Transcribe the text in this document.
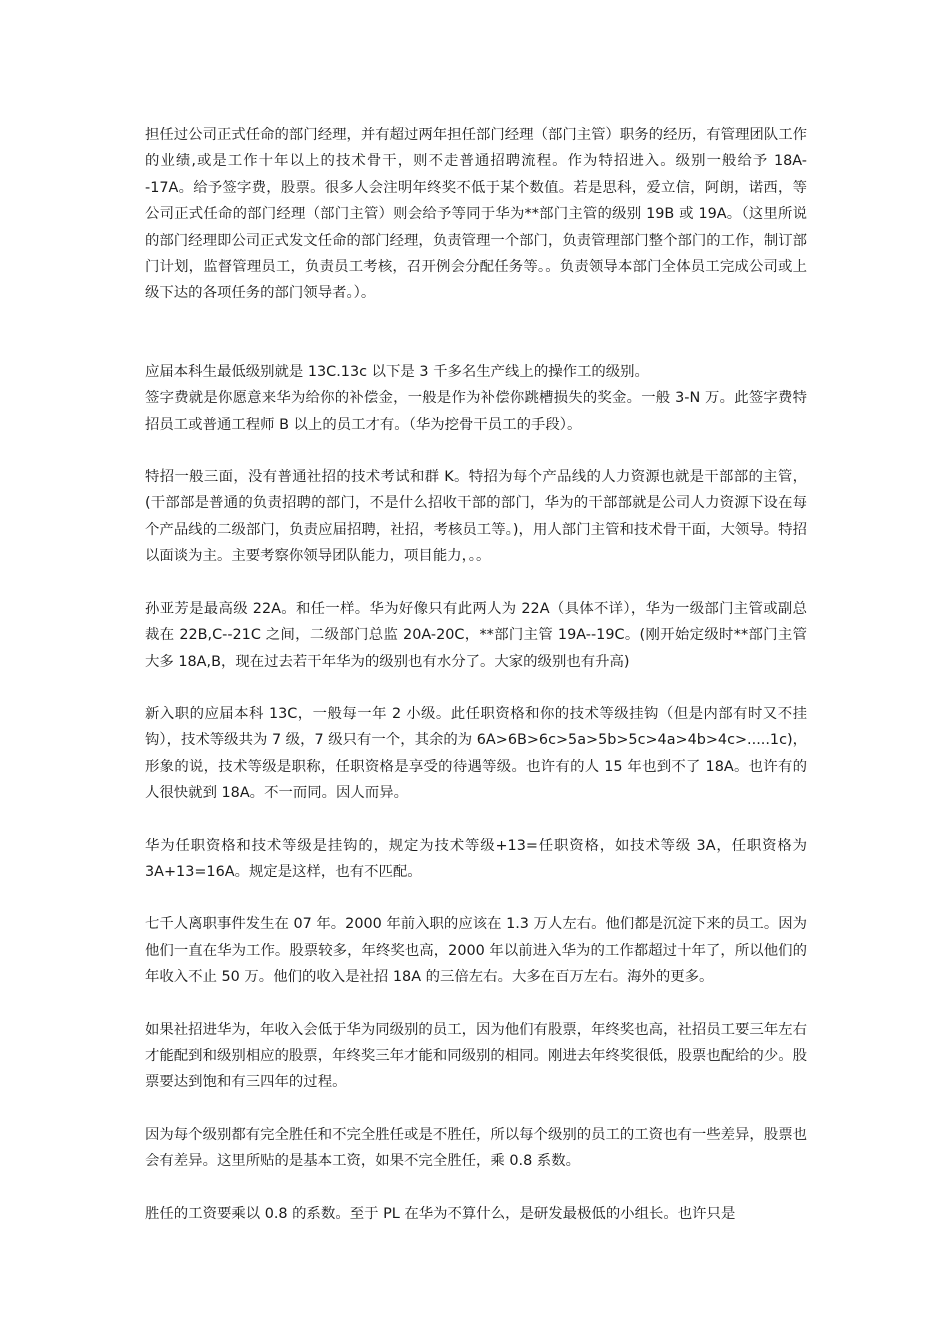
担任过公司正式任命的部门经理，并有超过两年担任部门经理（部门主管）职务的经历，有管理团队工作的业绩,或是工作十年以上的技术骨干，则不走普通招聘流程。作为特招进入。级别一般给予 18A--17A。给予签字费，股票。很多人会注明年终奖不低于某个数值。若是思科，爱立信，阿朗，诺西，等公司正式任命的部门经理（部门主管）则会给予等同于华为**部门主管的级别 19B 或 19A。（这里所说的部门经理即公司正式发文任命的部门经理，负责管理一个部门，负责管理部门整个部门的工作，制订部门计划，监督管理员工，负责员工考核，召开例会分配任务等。。负责领导本部门全体员工完成公司或上级下达的各项任务的部门领导者。）。

应届本科生最低级别就是 13C.13c 以下是 3 千多名生产线上的操作工的级别。
签字费就是你愿意来华为给你的补偿金，一般是作为补偿你跳槽损失的奖金。一般 3-N 万。此签字费特招员工或普通工程师 B 以上的员工才有。（华为挖骨干员工的手段）。

特招一般三面，没有普通社招的技术考试和群 K。特招为每个产品线的人力资源也就是干部部的主管，(干部部是普通的负责招聘的部门，不是什么招收干部的部门，华为的干部部就是公司人力资源下设在每个产品线的二级部门，负责应届招聘，社招，考核员工等。)，用人部门主管和技术骨干面，大领导。特招以面谈为主。主要考察你领导团队能力，项目能力，。。

孙亚芳是最高级 22A。和任一样。华为好像只有此两人为 22A（具体不详），华为一级部门主管或副总裁在 22B,C--21C 之间，二级部门总监 20A-20C，**部门主管 19A--19C。(刚开始定级时**部门主管大多 18A,B，现在过去若干年华为的级别也有水分了。大家的级别也有升高)

新入职的应届本科 13C，一般每一年 2 小级。此任职资格和你的技术等级挂钩（但是内部有时又不挂钩），技术等级共为 7 级，7 级只有一个，其余的为 6A>6B>6c>5a>5b>5c>4a>4b>4c>.....1c)，形象的说，技术等级是职称，任职资格是享受的待遇等级。也许有的人 15 年也到不了 18A。也许有的人很快就到 18A。不一而同。因人而异。

华为任职资格和技术等级是挂钩的，规定为技术等级+13=任职资格，如技术等级 3A，任职资格为 3A+13=16A。规定是这样，也有不匹配。

七千人离职事件发生在 07 年。2000 年前入职的应该在 1.3 万人左右。他们都是沉淀下来的员工。因为他们一直在华为工作。股票较多，年终奖也高，2000 年以前进入华为的工作都超过十年了，所以他们的年收入不止 50 万。他们的收入是社招 18A 的三倍左右。大多在百万左右。海外的更多。

如果社招进华为，年收入会低于华为同级别的员工，因为他们有股票，年终奖也高，社招员工要三年左右才能配到和级别相应的股票，年终奖三年才能和同级别的相同。刚进去年终奖很低，股票也配给的少。股票要达到饱和有三四年的过程。

因为每个级别都有完全胜任和不完全胜任或是不胜任，所以每个级别的员工的工资也有一些差异，股票也会有差异。这里所贴的是基本工资，如果不完全胜任，乘 0.8 系数。

胜任的工资要乘以 0.8 的系数。至于 PL 在华为不算什么，是研发最极低的小组长。也许只是
